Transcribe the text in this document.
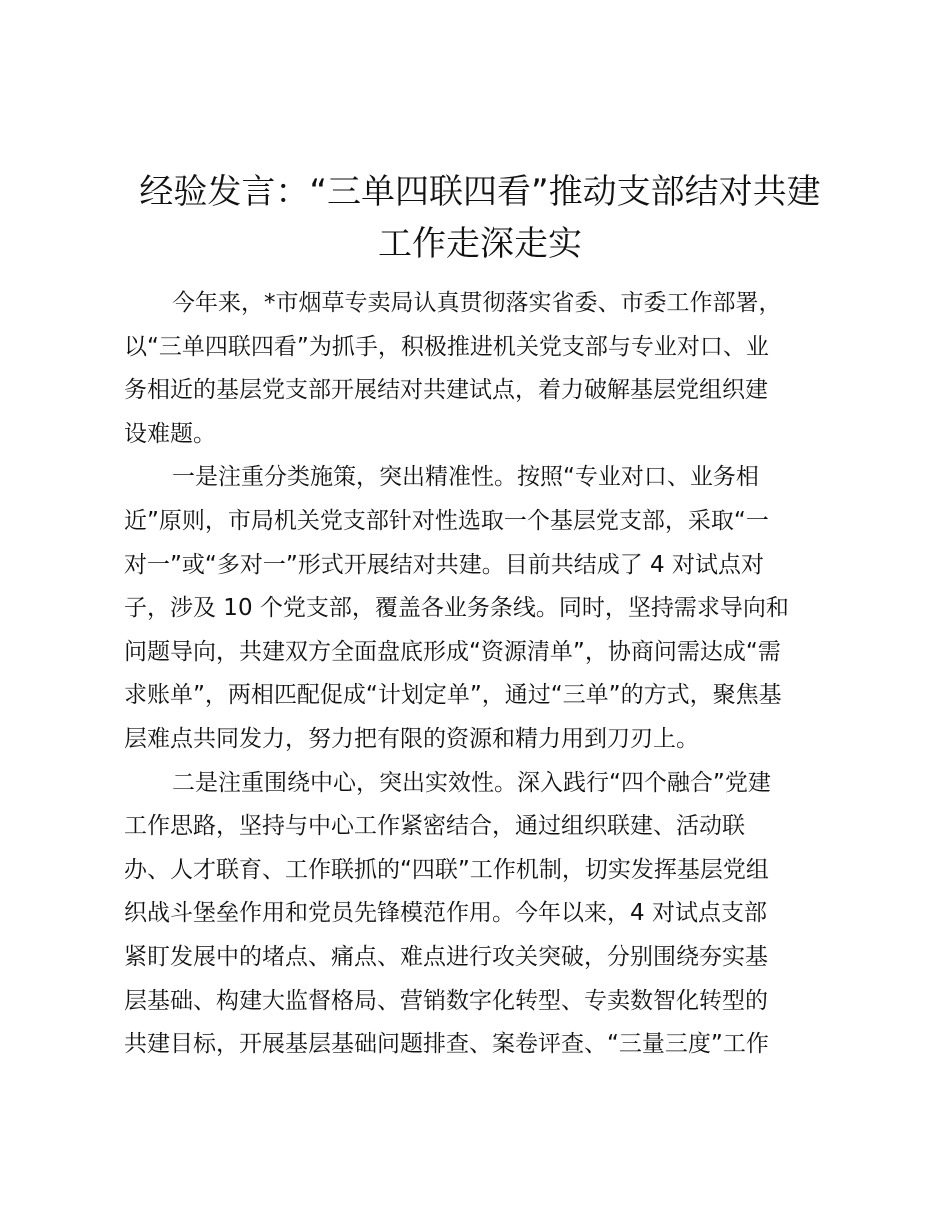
经验发言：“三单四联四看”推动支部结对共建
工作走深走实
今年来，*市烟草专卖局认真贯彻落实省委、市委工作部署，
以“三单四联四看”为抓手，积极推进机关党支部与专业对口、业
务相近的基层党支部开展结对共建试点，着力破解基层党组织建
设难题。
一是注重分类施策，突出精准性。按照“专业对口、业务相
近”原则，市局机关党支部针对性选取一个基层党支部，采取“一
对一”或“多对一”形式开展结对共建。目前共结成了 4 对试点对
子，涉及 10 个党支部，覆盖各业务条线。同时，坚持需求导向和
问题导向，共建双方全面盘底形成“资源清单”，协商问需达成“需
求账单”，两相匹配促成“计划定单”，通过“三单”的方式，聚焦基
层难点共同发力，努力把有限的资源和精力用到刀刃上。
二是注重围绕中心，突出实效性。深入践行“四个融合”党建
工作思路，坚持与中心工作紧密结合，通过组织联建、活动联
办、人才联育、工作联抓的“四联”工作机制，切实发挥基层党组
织战斗堡垒作用和党员先锋模范作用。今年以来，4 对试点支部
紧盯发展中的堵点、痛点、难点进行攻关突破，分别围绕夯实基
层基础、构建大监督格局、营销数字化转型、专卖数智化转型的
共建目标，开展基层基础问题排查、案卷评查、“三量三度”工作
